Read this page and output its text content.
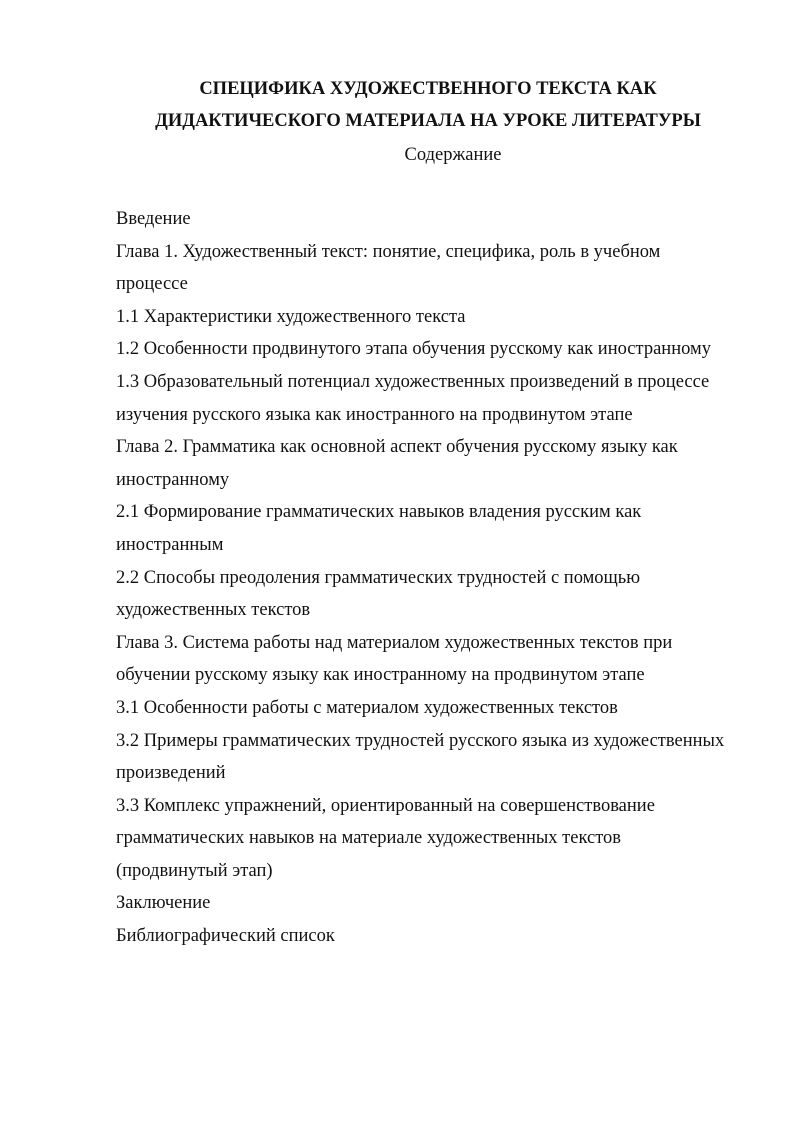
СПЕЦИФИКА ХУДОЖЕСТВЕННОГО ТЕКСТА КАК
ДИДАКТИЧЕСКОГО МАТЕРИАЛА НА УРОКЕ ЛИТЕРАТУРЫ
Содержание
Введение
Глава 1. Художественный текст: понятие, специфика, роль в учебном
процессе
1.1 Характеристики художественного текста
1.2 Особенности продвинутого этапа обучения русскому как иностранному
1.3 Образовательный потенциал художественных произведений в процессе
изучения русского языка как иностранного на продвинутом этапе
Глава 2. Грамматика как основной аспект обучения русскому языку как
иностранному
2.1 Формирование грамматических навыков владения русским как
иностранным
2.2 Способы преодоления грамматических трудностей с помощью
художественных текстов
Глава 3. Система работы над материалом художественных текстов при
обучении русскому языку как иностранному на продвинутом этапе
3.1 Особенности работы с материалом художественных текстов
3.2 Примеры грамматических трудностей русского языка из художественных
произведений
3.3 Комплекс упражнений, ориентированный на совершенствование
грамматических навыков на материале художественных текстов
(продвинутый этап)
Заключение
Библиографический список
